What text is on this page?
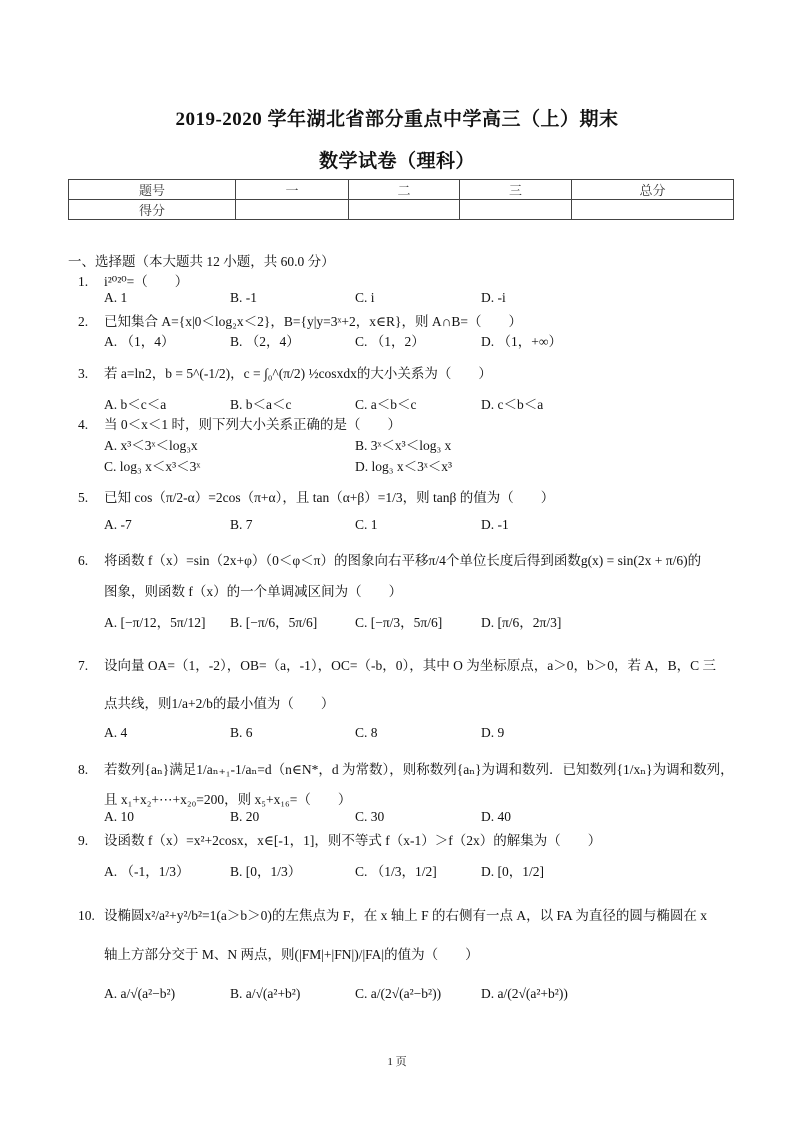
2019-2020 学年湖北省部分重点中学高三（上）期末
数学试卷（理科）
题号	一	二	三	总分
得分				
一、选择题（本大题共 12 小题，共 60.0 分）
1. i²⁰²⁰=（　　）
A. 1	B. -1	C. i	D. -i
2. 已知集合 A={x|0＜log₂x＜2}，B={y|y=3ˣ+2，x∈R}，则 A∩B=（　　）
A. （1，4）	B. （2，4）	C. （1，2）	D. （1，+∞）
3. 若 a=ln2，b = 5^(-1/2)，c = ∫₀^(π/2) ½cosxdx的大小关系为（　　）
A. b＜c＜a	B. b＜a＜c	C. a＜b＜c	D. c＜b＜a
4. 当 0＜x＜1 时，则下列大小关系正确的是（　　）
A. x³＜3ˣ＜log₃x	B. 3ˣ＜x³＜log₃ x
C. log₃ x＜x³＜3ˣ	D. log₃ x＜3ˣ＜x³
5. 已知 cos（π/2-α）=2cos（π+α），且 tan（α+β）=1/3，则 tanβ 的值为（　　）
A. -7	B. 7	C. 1	D. -1
6. 将函数 f（x）=sin（2x+φ）（0＜φ＜π）的图象向右平移π/4个单位长度后得到函数g(x) = sin(2x + π/6)的
图象，则函数 f（x）的一个单调减区间为（　　）
A. [−π/12，5π/12] B. [−π/6，5π/6]	C. [−π/3，5π/6]	D. [π/6，2π/3]
7. 设向量 OA=（1，-2），OB=（a，-1），OC=（-b，0），其中 O 为坐标原点，a＞0，b＞0，若 A，B，C 三
点共线，则1/a+2/b的最小值为（　　）
A. 4	B. 6	C. 8	D. 9
8. 若数列{aₙ}满足1/aₙ₊₁-1/aₙ=d（n∈N*，d 为常数），则称数列{aₙ}为调和数列．已知数列{1/xₙ}为调和数列，
且 x₁+x₂+⋯+x₂₀=200，则 x₅+x₁₆=（　　）
A. 10	B. 20	C. 30	D. 40
9. 设函数 f（x）=x²+2cosx，x∈[-1，1]，则不等式 f（x-1）＞f（2x）的解集为（　　）
A. （-1，1/3）	B. [0，1/3）	C. （1/3，1/2]	D. [0，1/2]
10. 设椭圆x²/a²+y²/b²=1(a＞b＞0)的左焦点为 F，在 x 轴上 F 的右侧有一点 A，以 FA 为直径的圆与椭圆在 x
轴上方部分交于 M、N 两点，则(|FM|+|FN|)/|FA|的值为（　　）
A. a/√(a²−b²)	B. a/√(a²+b²)	C. a/(2√(a²−b²))	D. a/(2√(a²+b²))
1 页
